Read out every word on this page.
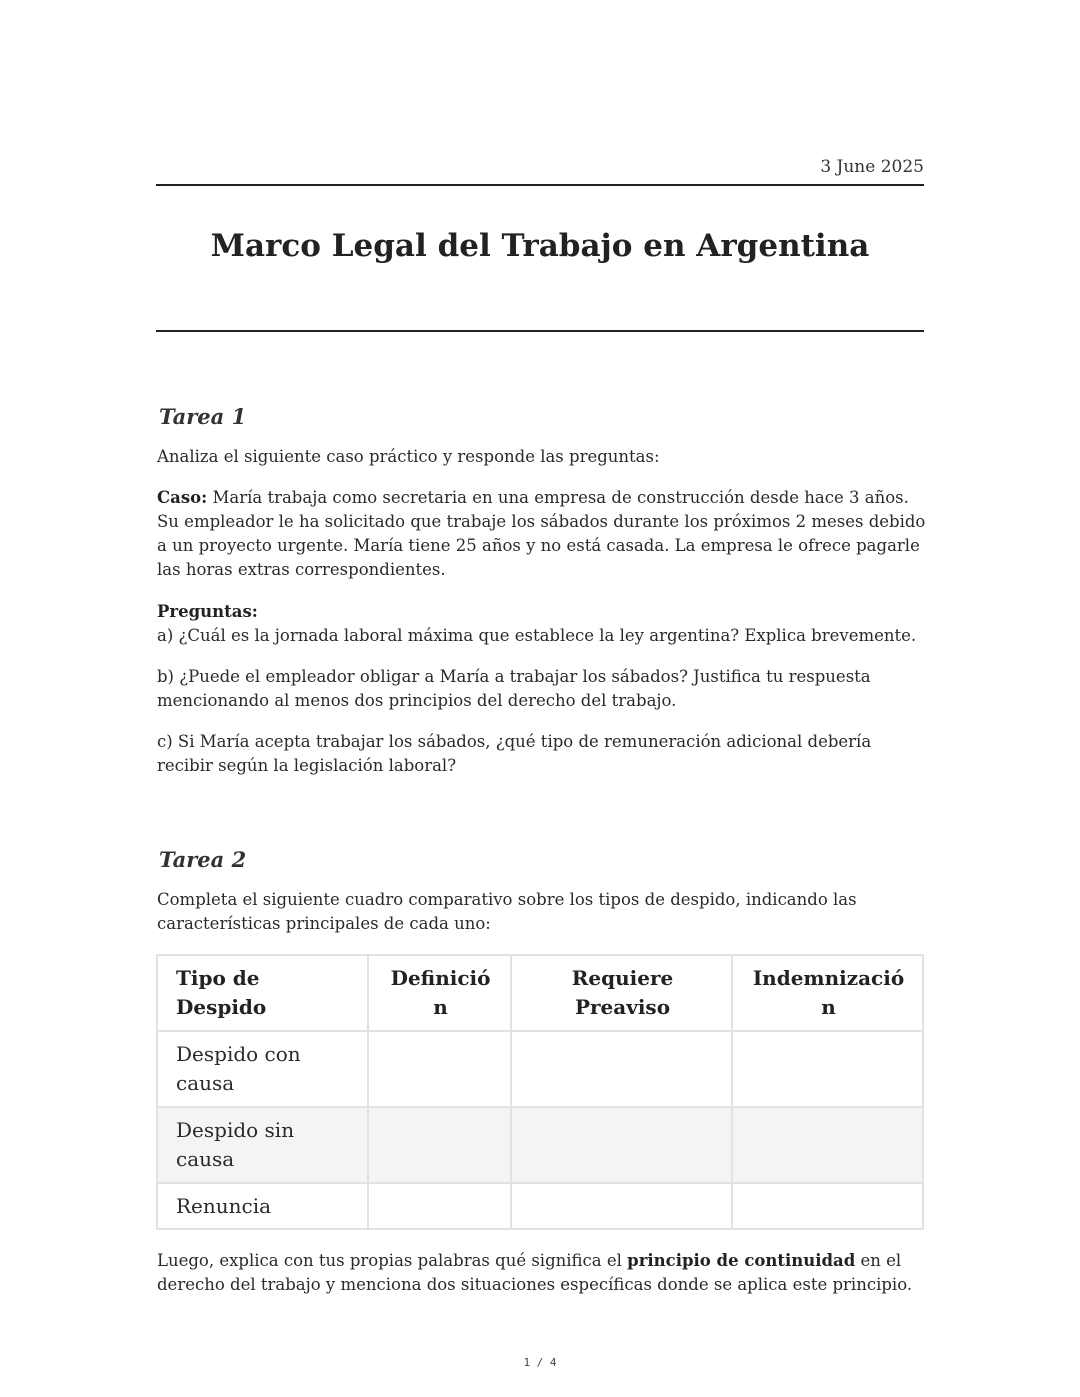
3 June 2025
Marco Legal del Trabajo en Argentina
Tarea 1

Analiza el siguiente caso práctico y responde las preguntas:

Caso: María trabaja como secretaria en una empresa de construcción desde hace 3 años. Su empleador le ha solicitado que trabaje los sábados durante los próximos 2 meses debido a un proyecto urgente. María tiene 25 años y no está casada. La empresa le ofrece pagarle las horas extras correspondientes.

Preguntas:
a) ¿Cuál es la jornada laboral máxima que establece la ley argentina? Explica brevemente.

b) ¿Puede el empleador obligar a María a trabajar los sábados? Justifica tu respuesta mencionando al menos dos principios del derecho del trabajo.

c) Si María acepta trabajar los sábados, ¿qué tipo de remuneración adicional debería recibir según la legislación laboral?

Tarea 2

Completa el siguiente cuadro comparativo sobre los tipos de despido, indicando las características principales de cada uno:

Tipo de Despido	Definició n	Requiere Preaviso	Indemnizació n
Despido con causa			
Despido sin causa			
Renuncia			

Luego, explica con tus propias palabras qué significa el principio de continuidad en el derecho del trabajo y menciona dos situaciones específicas donde se aplica este principio.

1 / 4
